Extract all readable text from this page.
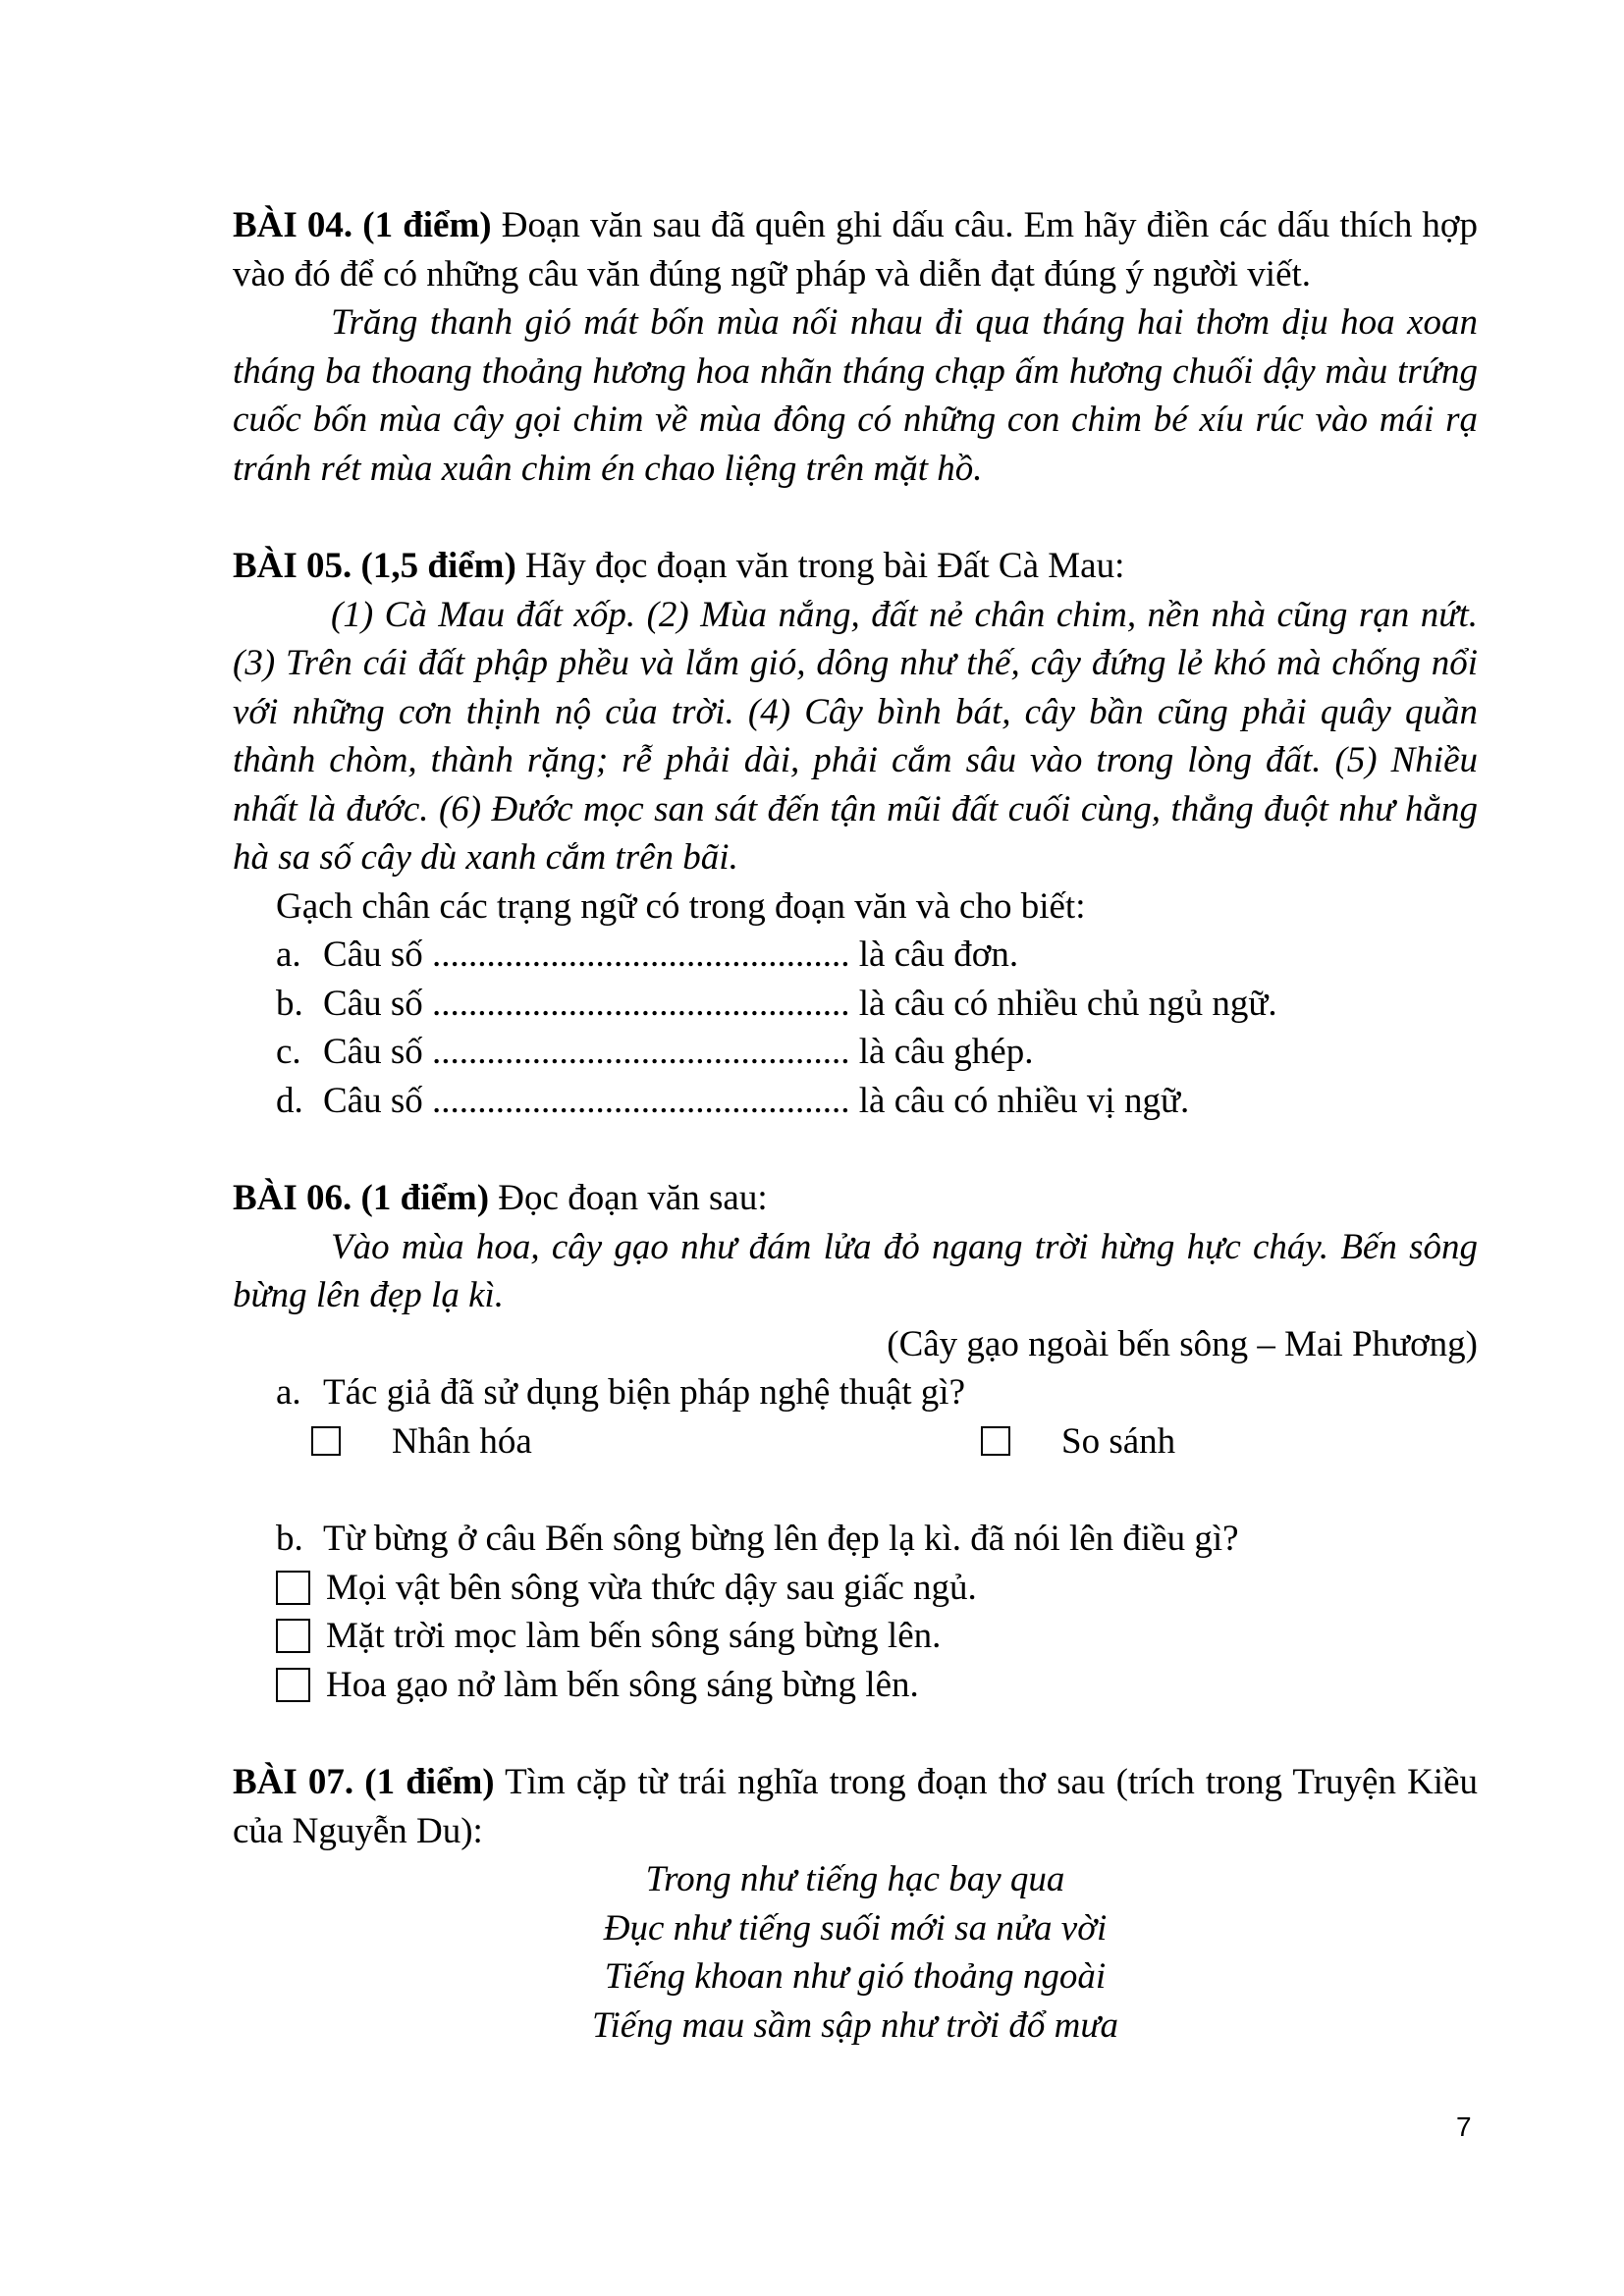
BÀI 04. (1 điểm) Đoạn văn sau đã quên ghi dấu câu. Em hãy điền các dấu thích hợp vào đó để có những câu văn đúng ngữ pháp và diễn đạt đúng ý người viết.

Trăng thanh gió mát bốn mùa nối nhau đi qua tháng hai thơm dịu hoa xoan tháng ba thoang thoảng hương hoa nhãn tháng chạp ấm hương chuối dậy màu trứng cuốc bốn mùa cây gọi chim về mùa đông có những con chim bé xíu rúc vào mái rạ tránh rét mùa xuân chim én chao liệng trên mặt hồ.

BÀI 05. (1,5 điểm) Hãy đọc đoạn văn trong bài Đất Cà Mau:

(1) Cà Mau đất xốp. (2) Mùa nắng, đất nẻ chân chim, nền nhà cũng rạn nứt. (3) Trên cái đất phập phều và lắm gió, dông như thế, cây đứng lẻ khó mà chống nổi với những cơn thịnh nộ của trời. (4) Cây bình bát, cây bần cũng phải quây quần thành chòm, thành rặng; rễ phải dài, phải cắm sâu vào trong lòng đất. (5) Nhiều nhất là đước. (6) Đước mọc san sát đến tận mũi đất cuối cùng, thẳng đuột như hằng hà sa số cây dù xanh cắm trên bãi.

Gạch chân các trạng ngữ có trong đoạn văn và cho biết:

a. Câu số .............................................. là câu đơn.
b. Câu số .............................................. là câu có nhiều chủ ngủ ngữ.
c. Câu số .............................................. là câu ghép.
d. Câu số .............................................. là câu có nhiều vị ngữ.

BÀI 06. (1 điểm) Đọc đoạn văn sau:

Vào mùa hoa, cây gạo như đám lửa đỏ ngang trời hừng hực cháy. Bến sông bừng lên đẹp lạ kì.

(Cây gạo ngoài bến sông – Mai Phương)

a. Tác giả đã sử dụng biện pháp nghệ thuật gì?
Nhân hóa	So sánh
b. Từ bừng ở câu Bến sông bừng lên đẹp lạ kì. đã nói lên điều gì?
Mọi vật bên sông vừa thức dậy sau giấc ngủ.
Mặt trời mọc làm bến sông sáng bừng lên.
Hoa gạo nở làm bến sông sáng bừng lên.

BÀI 07. (1 điểm) Tìm cặp từ trái nghĩa trong đoạn thơ sau (trích trong Truyện Kiều của Nguyễn Du):

Trong như tiếng hạc bay qua

Đục như tiếng suối mới sa nửa vời

Tiếng khoan như gió thoảng ngoài

Tiếng mau sầm sập như trời đổ mưa

7
